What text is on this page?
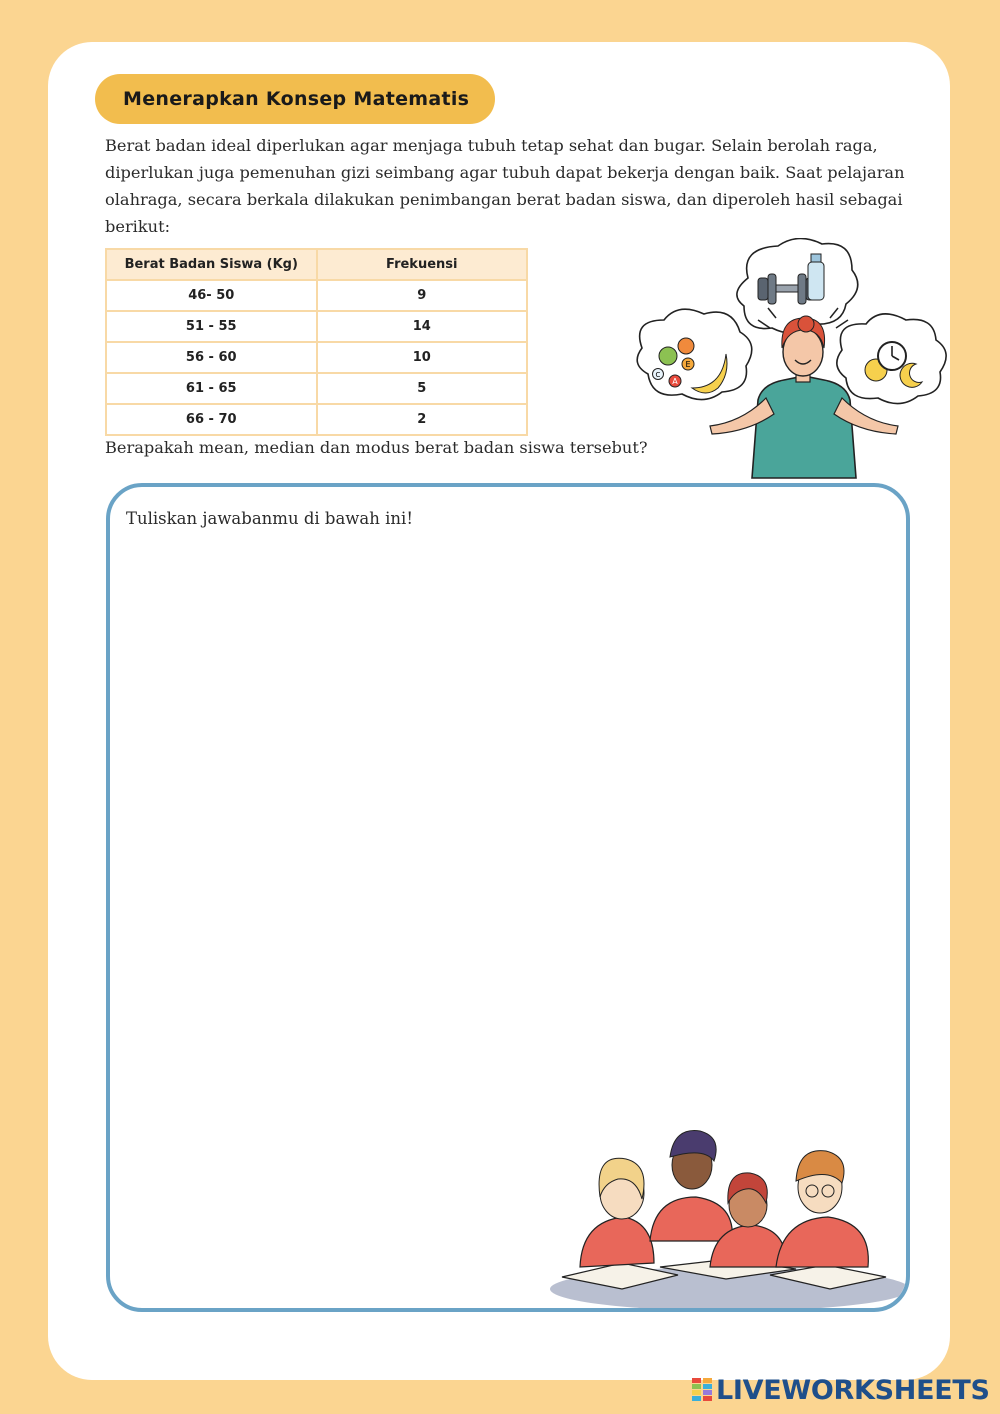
Menerapkan Konsep Matematis

Berat badan ideal diperlukan agar menjaga tubuh tetap sehat dan bugar. Selain berolah raga, diperlukan juga pemenuhan gizi seimbang agar tubuh dapat bekerja dengan baik. Saat pelajaran olahraga, secara berkala dilakukan penimbangan berat badan siswa, dan diperoleh hasil sebagai berikut:

Berat Badan Siswa (Kg)	Frekuensi
46- 50	9
51 - 55	14
56 - 60	10
61 - 65	5
66 - 70	2
C
A
E

Berapakah mean, median dan modus berat badan siswa tersebut?

Tuliskan jawabanmu di bawah ini!

LIVEWORKSHEETS
